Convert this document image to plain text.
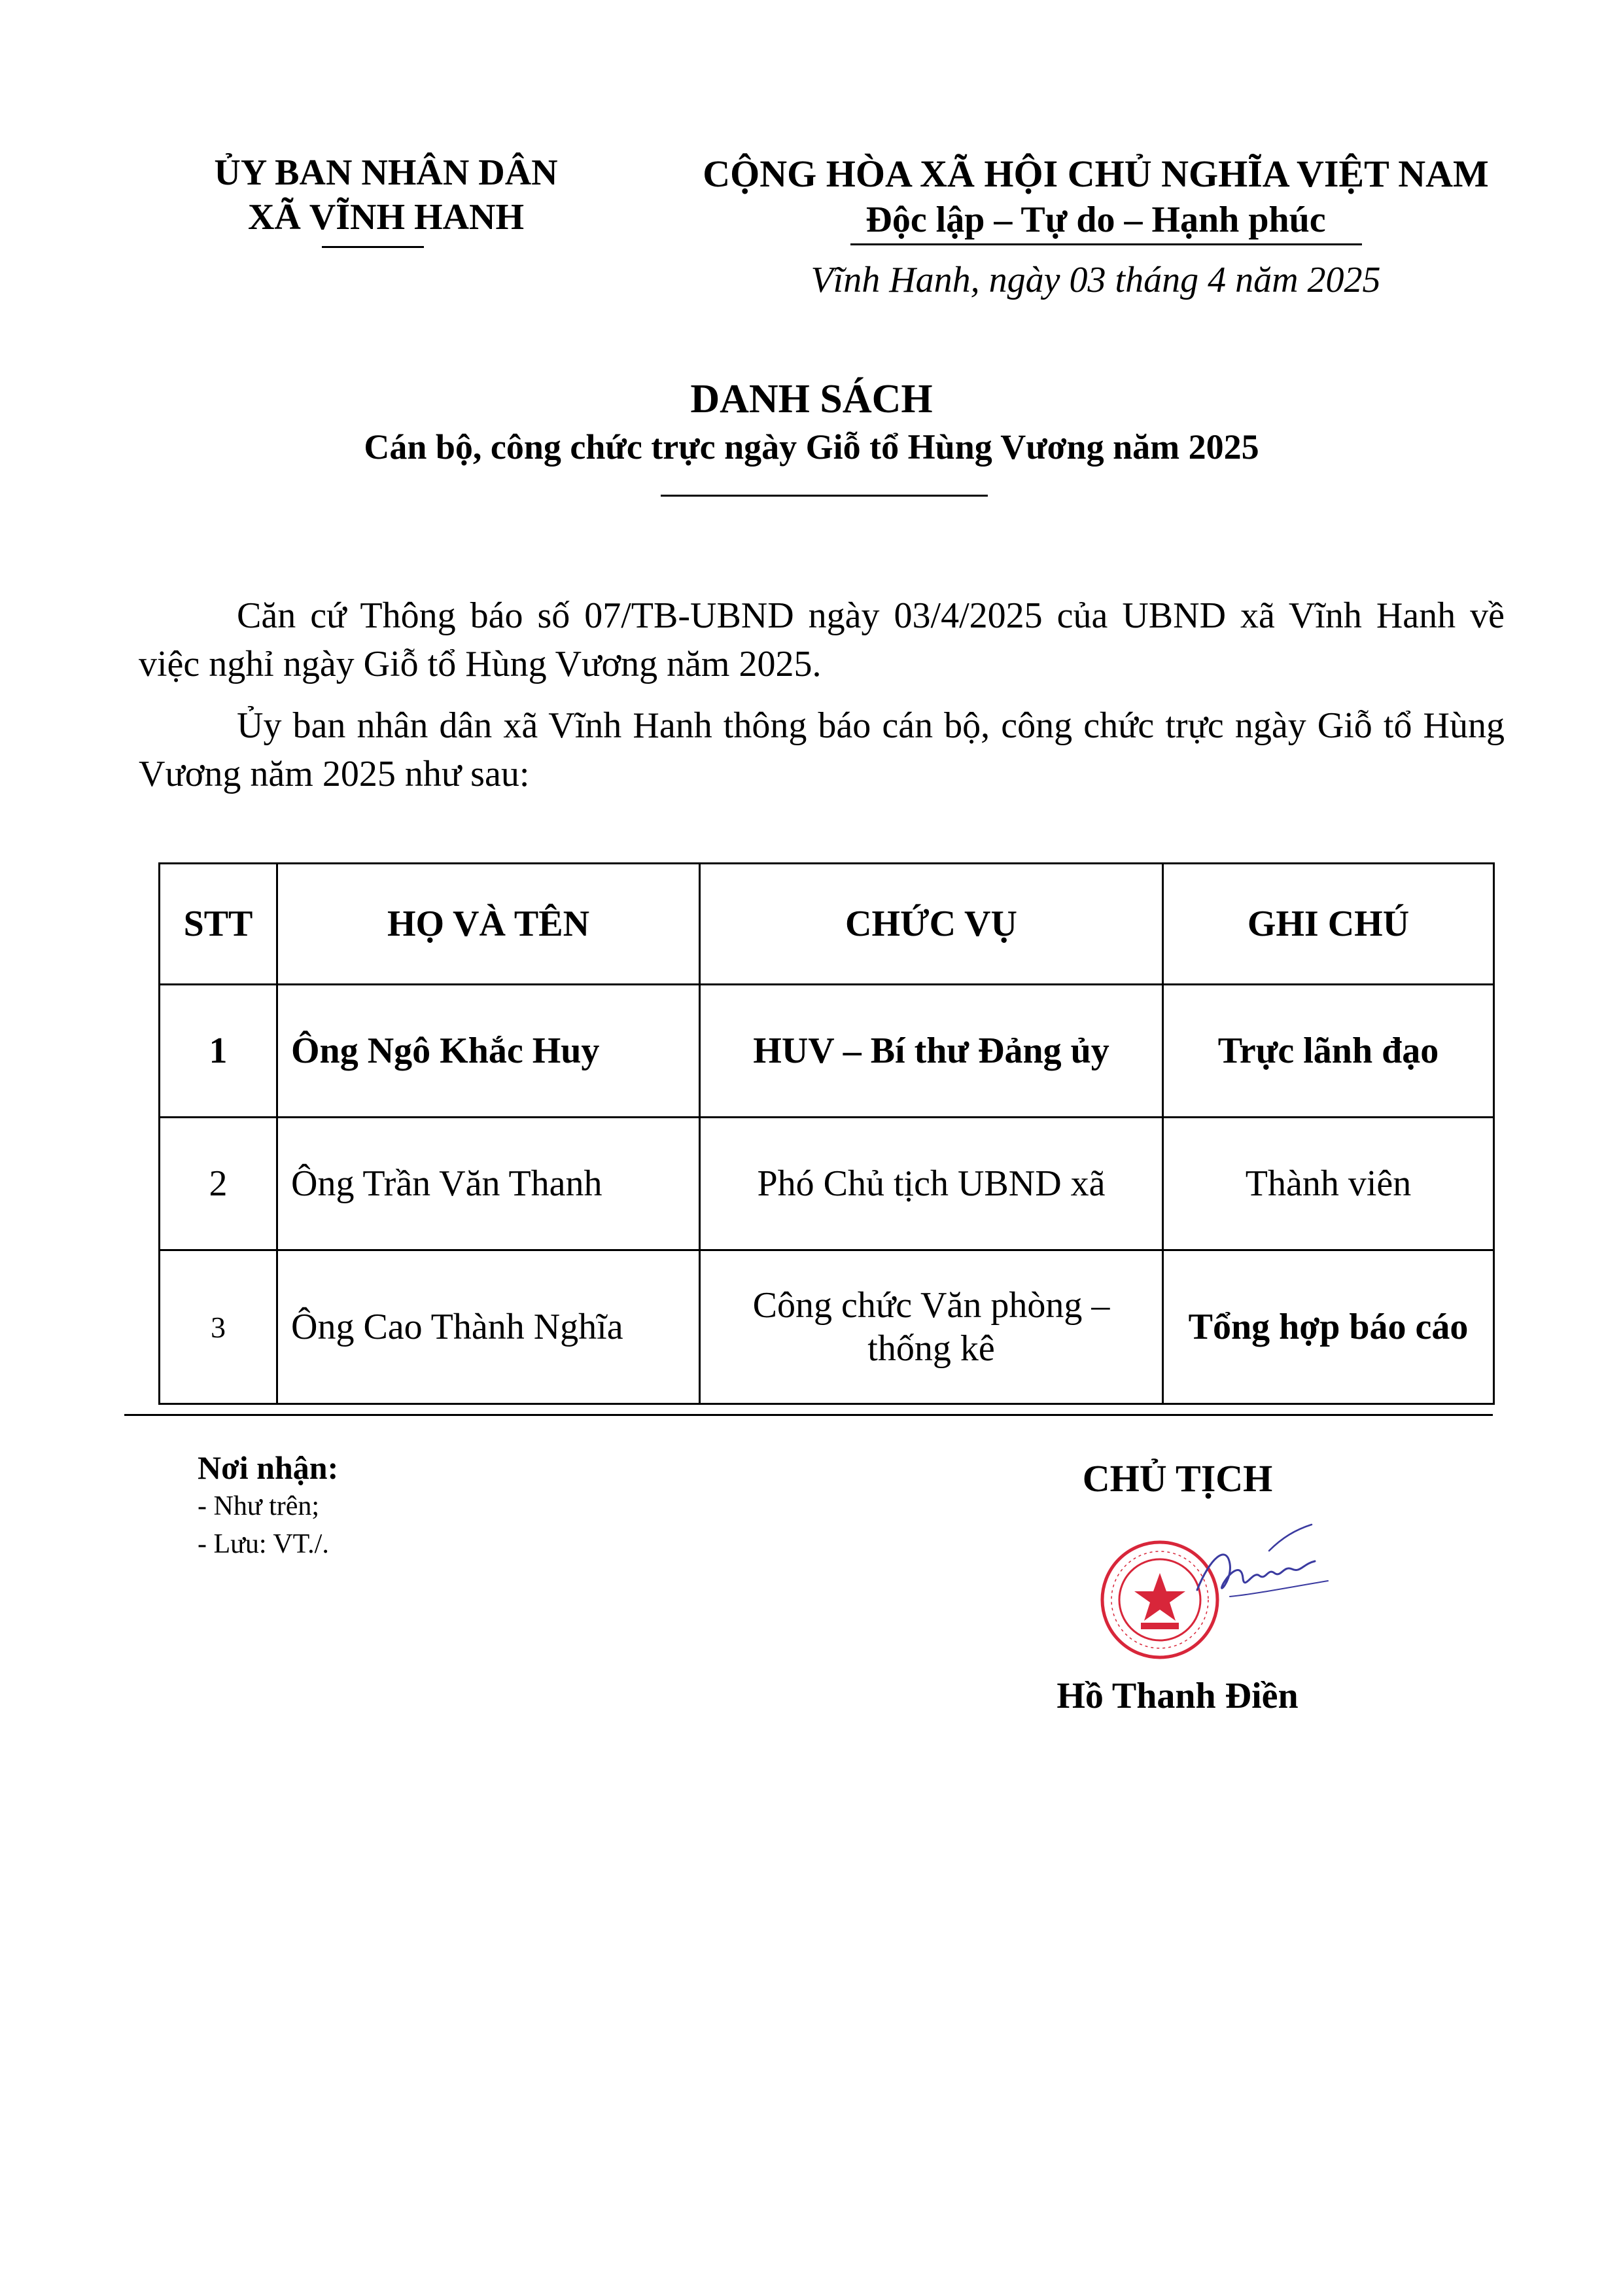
ỦY BAN NHÂN DÂN
XÃ VĨNH HANH
CỘNG HÒA XÃ HỘI CHỦ NGHĨA VIỆT NAM
Độc lập – Tự do – Hạnh phúc
Vĩnh Hanh, ngày 03 tháng 4 năm 2025
DANH SÁCH
Cán bộ, công chức trực ngày Giỗ tổ Hùng Vương năm 2025
Căn cứ Thông báo số 07/TB-UBND ngày 03/4/2025 của UBND xã Vĩnh Hanh về việc nghỉ ngày Giỗ tổ Hùng Vương năm 2025.
Ủy ban nhân dân xã Vĩnh Hanh thông báo cán bộ, công chức trực ngày Giỗ tổ Hùng Vương năm 2025 như sau:
STT	HỌ VÀ TÊN	CHỨC VỤ	GHI CHÚ
1	Ông Ngô Khắc Huy	HUV – Bí thư Đảng ủy	Trực lãnh đạo
2	Ông Trần Văn Thanh	Phó Chủ tịch UBND xã	Thành viên
3	Ông Cao Thành Nghĩa	Công chức Văn phòng – thống kê	Tổng hợp báo cáo
Nơi nhận:
- Như trên;
- Lưu: VT./.
CHỦ TỊCH
Hồ Thanh Điền
